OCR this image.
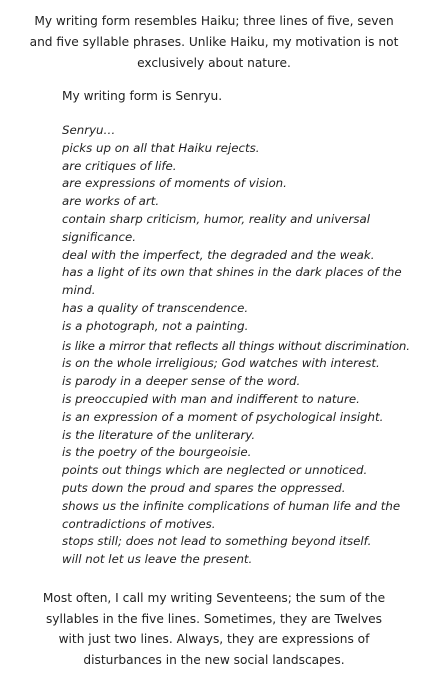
My writing form resembles Haiku; three lines of five, seven and five syllable phrases. Unlike Haiku, my motivation is not exclusively about nature.

My writing form is Senryu.

Senryu…
picks up on all that Haiku rejects.
are critiques of life.
are expressions of moments of vision.
are works of art.
contain sharp criticism, humor, reality and universal significance.
deal with the imperfect, the degraded and the weak.
has a light of its own that shines in the dark places of the mind.
has a quality of transcendence.
is a photograph, not a painting.
is like a mirror that reflects all things without discrimination.
is on the whole irreligious; God watches with interest.
is parody in a deeper sense of the word.
is preoccupied with man and indifferent to nature.
is an expression of a moment of psychological insight.
is the literature of the unliterary.
is the poetry of the bourgeoisie.
points out things which are neglected or unnoticed.
puts down the proud and spares the oppressed.
shows us the infinite complications of human life and the contradictions of motives.
stops still; does not lead to something beyond itself.
will not let us leave the present.

Most often, I call my writing Seventeens; the sum of the syllables in the five lines. Sometimes, they are Twelves with just two lines. Always, they are expressions of disturbances in the new social landscapes.
